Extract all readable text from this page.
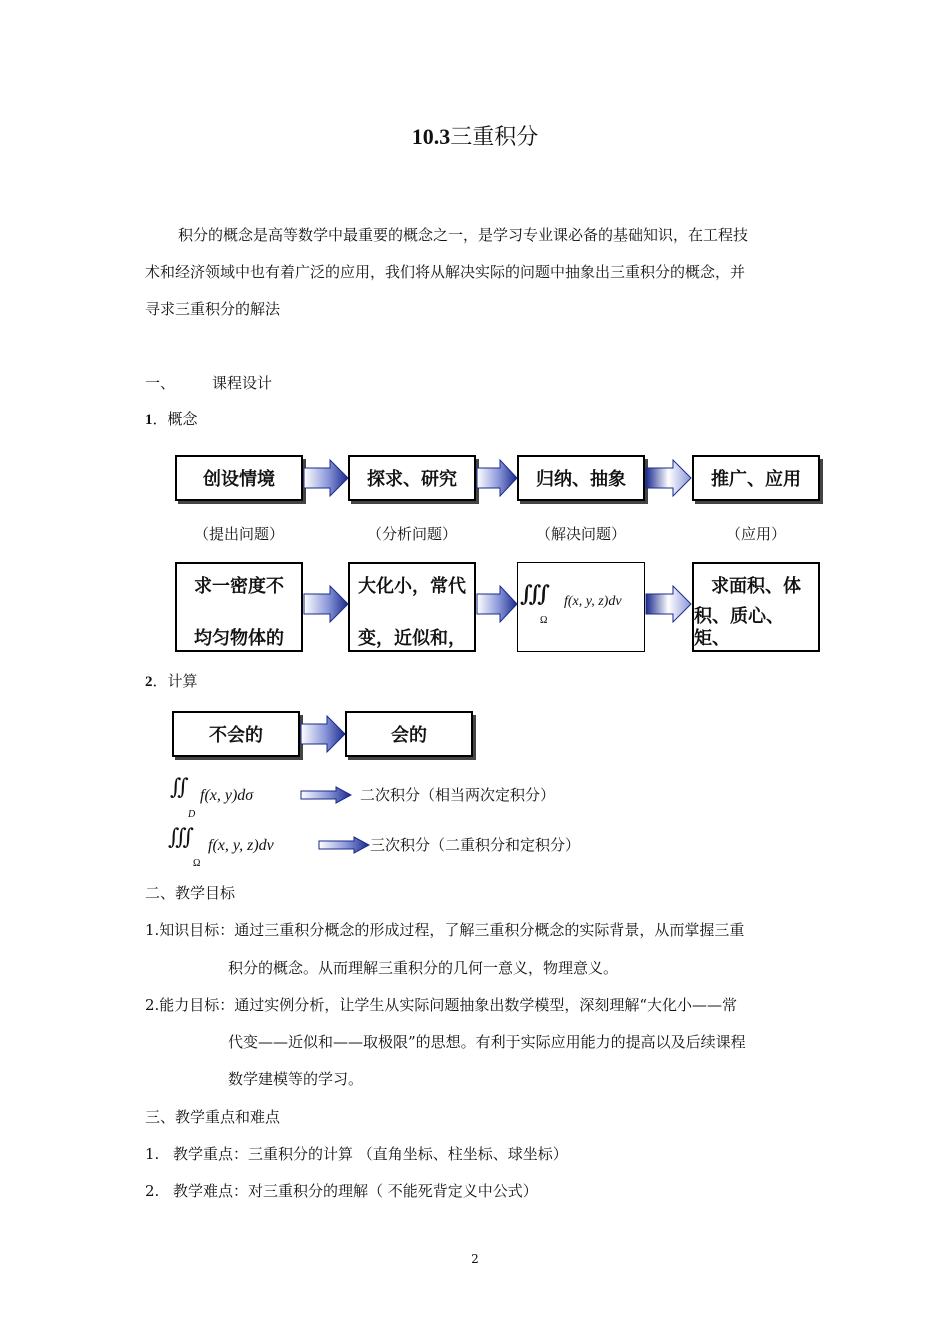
10.3三重积分
积分的概念是高等数学中最重要的概念之一，是学习专业课必备的基础知识，在工程技
术和经济领域中也有着广泛的应用，我们将从解决实际的问题中抽象出三重积分的概念，并
寻求三重积分的解法
一、 课程设计
1．概念
创设情境	探求、研究	归纳、抽象	推广、应用
（提出问题）	（分析问题）	（解决问题）	（应用）
求一密度不
均匀物体的
大化小，常代
变，近似和，
∭ f(x, y, z)dv
Ω
求面积、体
积、质心、矩、
2．计算
不会的	会的
∬ f(x, y)dσ
D
二次积分（相当两次定积分）
∭ f(x, y, z)dv
Ω
三次积分（二重积分和定积分）
二、教学目标
1.知识目标：通过三重积分概念的形成过程，了解三重积分概念的实际背景，从而掌握三重
积分的概念。从而理解三重积分的几何一意义，物理意义。
2.能力目标：通过实例分析，让学生从实际问题抽象出数学模型，深刻理解“大化小——常
代变——近似和——取极限”的思想。有利于实际应用能力的提高以及后续课程
数学建模等的学习。
三、教学重点和难点
1. 教学重点：三重积分的计算 （直角坐标、柱坐标、球坐标）
2. 教学难点：对三重积分的理解（ 不能死背定义中公式）
2
